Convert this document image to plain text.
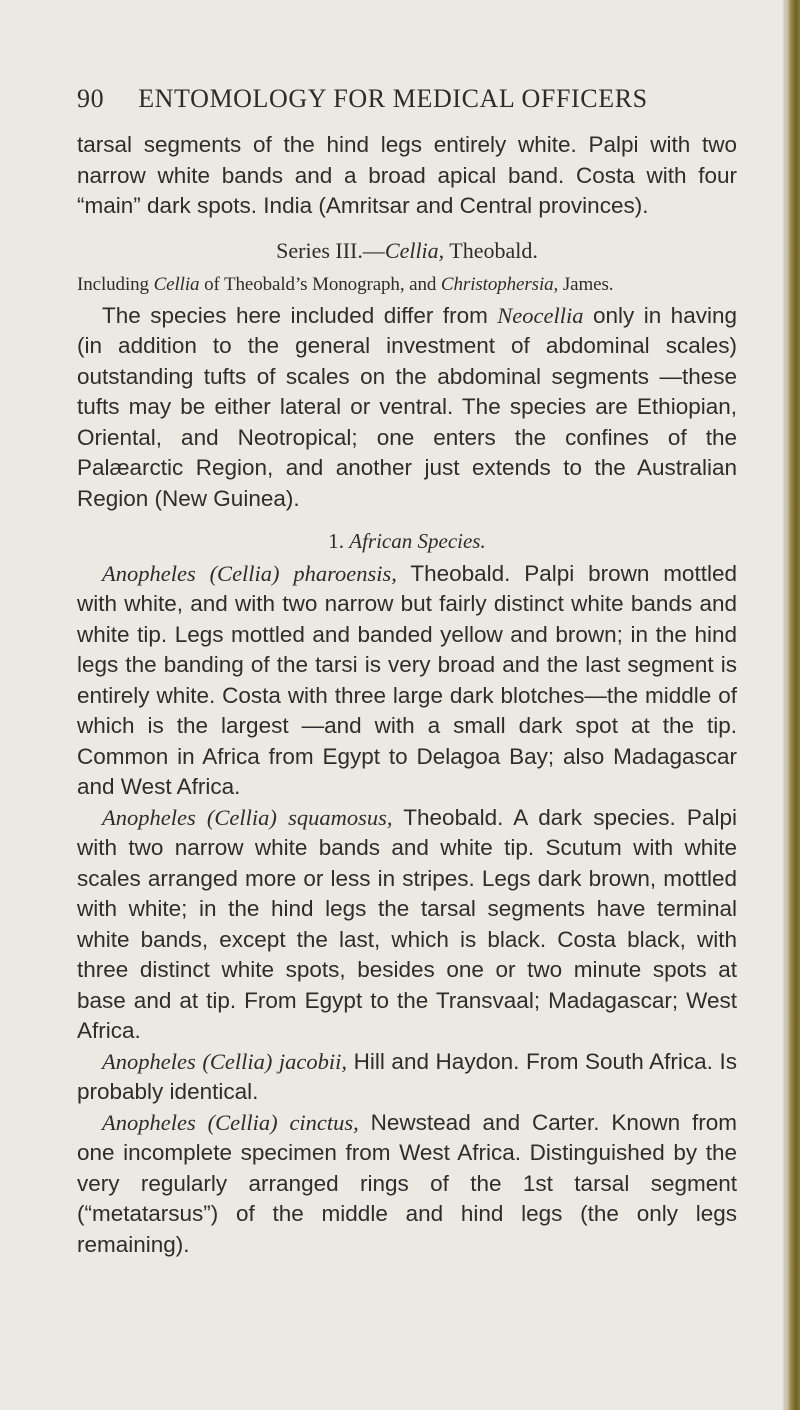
90 ENTOMOLOGY FOR MEDICAL OFFICERS

tarsal segments of the hind legs entirely white. Palpi with two narrow white bands and a broad apical band. Costa with four “main” dark spots. India (Amritsar and Central provinces).

Series III.—Cellia, Theobald.

Including Cellia of Theobald’s Monograph, and Christophersia, James.

The species here included differ from Neocellia only in having (in addition to the general investment of abdominal scales) outstanding tufts of scales on the abdominal segments —these tufts may be either lateral or ventral. The species are Ethiopian, Oriental, and Neotropical; one enters the confines of the Palæarctic Region, and another just extends to the Australian Region (New Guinea).

1. African Species.

Anopheles (Cellia) pharoensis, Theobald. Palpi brown mottled with white, and with two narrow but fairly distinct white bands and white tip. Legs mottled and banded yellow and brown; in the hind legs the banding of the tarsi is very broad and the last segment is entirely white. Costa with three large dark blotches—the middle of which is the largest —and with a small dark spot at the tip. Common in Africa from Egypt to Delagoa Bay; also Madagascar and West Africa.

Anopheles (Cellia) squamosus, Theobald. A dark species. Palpi with two narrow white bands and white tip. Scutum with white scales arranged more or less in stripes. Legs dark brown, mottled with white; in the hind legs the tarsal segments have terminal white bands, except the last, which is black. Costa black, with three distinct white spots, besides one or two minute spots at base and at tip. From Egypt to the Transvaal; Madagascar; West Africa.

Anopheles (Cellia) jacobii, Hill and Haydon. From South Africa. Is probably identical.

Anopheles (Cellia) cinctus, Newstead and Carter. Known from one incomplete specimen from West Africa. Distinguished by the very regularly arranged rings of the 1st tarsal segment (“metatarsus”) of the middle and hind legs (the only legs remaining).
